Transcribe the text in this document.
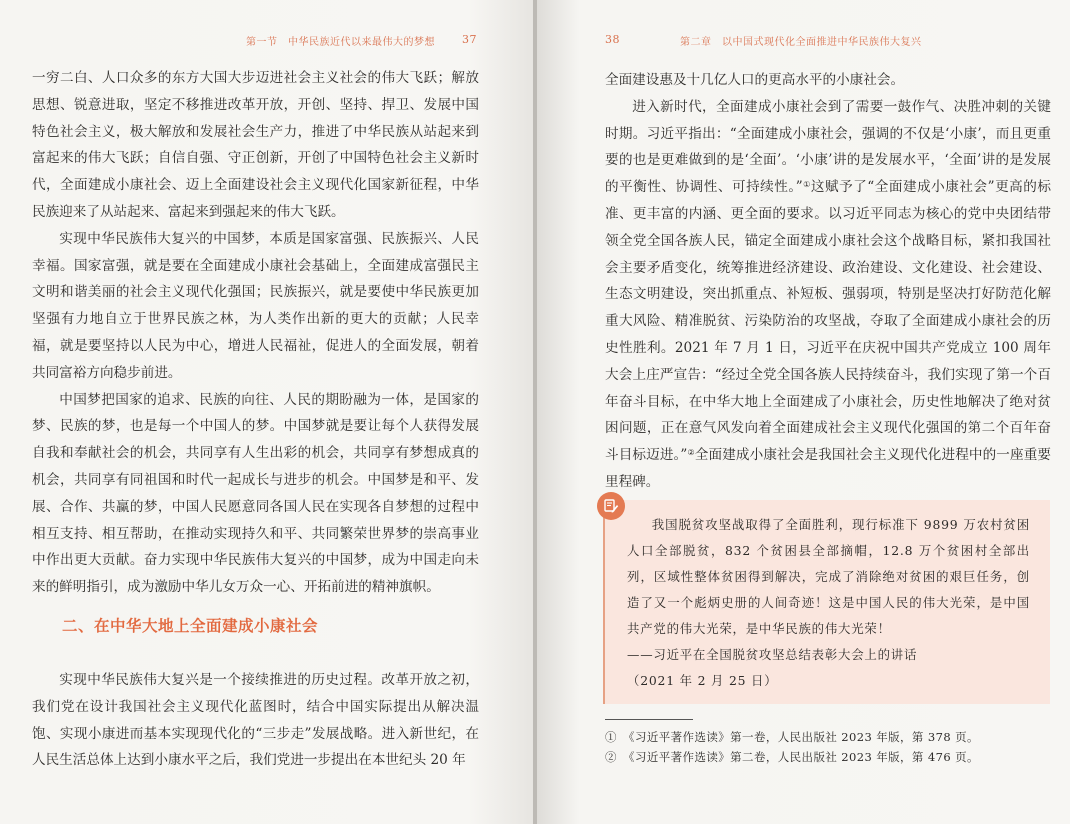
第一节　中华民族近代以来最伟大的梦想 37

一穷二白、人口众多的东方大国大步迈进社会主义社会的伟大飞跃；解放思想、锐意进取，坚定不移推进改革开放，开创、坚持、捍卫、发展中国特色社会主义，极大解放和发展社会生产力，推进了中华民族从站起来到富起来的伟大飞跃；自信自强、守正创新，开创了中国特色社会主义新时代，全面建成小康社会、迈上全面建设社会主义现代化国家新征程，中华民族迎来了从站起来、富起来到强起来的伟大飞跃。

实现中华民族伟大复兴的中国梦，本质是国家富强、民族振兴、人民幸福。国家富强，就是要在全面建成小康社会基础上，全面建成富强民主文明和谐美丽的社会主义现代化强国；民族振兴，就是要使中华民族更加坚强有力地自立于世界民族之林，为人类作出新的更大的贡献；人民幸福，就是要坚持以人民为中心，增进人民福祉，促进人的全面发展，朝着共同富裕方向稳步前进。

中国梦把国家的追求、民族的向往、人民的期盼融为一体，是国家的梦、民族的梦，也是每一个中国人的梦。中国梦就是要让每个人获得发展自我和奉献社会的机会，共同享有人生出彩的机会，共同享有梦想成真的机会，共同享有同祖国和时代一起成长与进步的机会。中国梦是和平、发展、合作、共赢的梦，中国人民愿意同各国人民在实现各自梦想的过程中相互支持、相互帮助，在推动实现持久和平、共同繁荣世界梦的崇高事业中作出更大贡献。奋力实现中华民族伟大复兴的中国梦，成为中国走向未来的鲜明指引，成为激励中华儿女万众一心、开拓前进的精神旗帜。

二、在中华大地上全面建成小康社会

实现中华民族伟大复兴是一个接续推进的历史过程。改革开放之初，我们党在设计我国社会主义现代化蓝图时，结合中国实际提出从解决温饱、实现小康进而基本实现现代化的“三步走”发展战略。进入新世纪，在人民生活总体上达到小康水平之后，我们党进一步提出在本世纪头 20 年

38	第二章　以中国式现代化全面推进中华民族伟大复兴

全面建设惠及十几亿人口的更高水平的小康社会。

进入新时代，全面建成小康社会到了需要一鼓作气、决胜冲刺的关键时期。习近平指出：“全面建成小康社会，强调的不仅是‘小康’，而且更重要的也是更难做到的是‘全面’。‘小康’讲的是发展水平，‘全面’讲的是发展的平衡性、协调性、可持续性。”①这赋予了“全面建成小康社会”更高的标准、更丰富的内涵、更全面的要求。以习近平同志为核心的党中央团结带领全党全国各族人民，锚定全面建成小康社会这个战略目标，紧扣我国社会主要矛盾变化，统筹推进经济建设、政治建设、文化建设、社会建设、生态文明建设，突出抓重点、补短板、强弱项，特别是坚决打好防范化解重大风险、精准脱贫、污染防治的攻坚战，夺取了全面建成小康社会的历史性胜利。2021 年 7 月 1 日，习近平在庆祝中国共产党成立 100 周年大会上庄严宣告：“经过全党全国各族人民持续奋斗，我们实现了第一个百年奋斗目标，在中华大地上全面建成了小康社会，历史性地解决了绝对贫困问题，正在意气风发向着全面建成社会主义现代化强国的第二个百年奋斗目标迈进。”②全面建成小康社会是我国社会主义现代化进程中的一座重要里程碑。

我国脱贫攻坚战取得了全面胜利，现行标准下 9899 万农村贫困人口全部脱贫，832 个贫困县全部摘帽，12.8 万个贫困村全部出列，区域性整体贫困得到解决，完成了消除绝对贫困的艰巨任务，创造了又一个彪炳史册的人间奇迹！这是中国人民的伟大光荣，是中国共产党的伟大光荣，是中华民族的伟大光荣！

——习近平在全国脱贫攻坚总结表彰大会上的讲话

（2021 年 2 月 25 日）

①　《习近平著作选读》第一卷，人民出版社 2023 年版，第 378 页。
②　《习近平著作选读》第二卷，人民出版社 2023 年版，第 476 页。
